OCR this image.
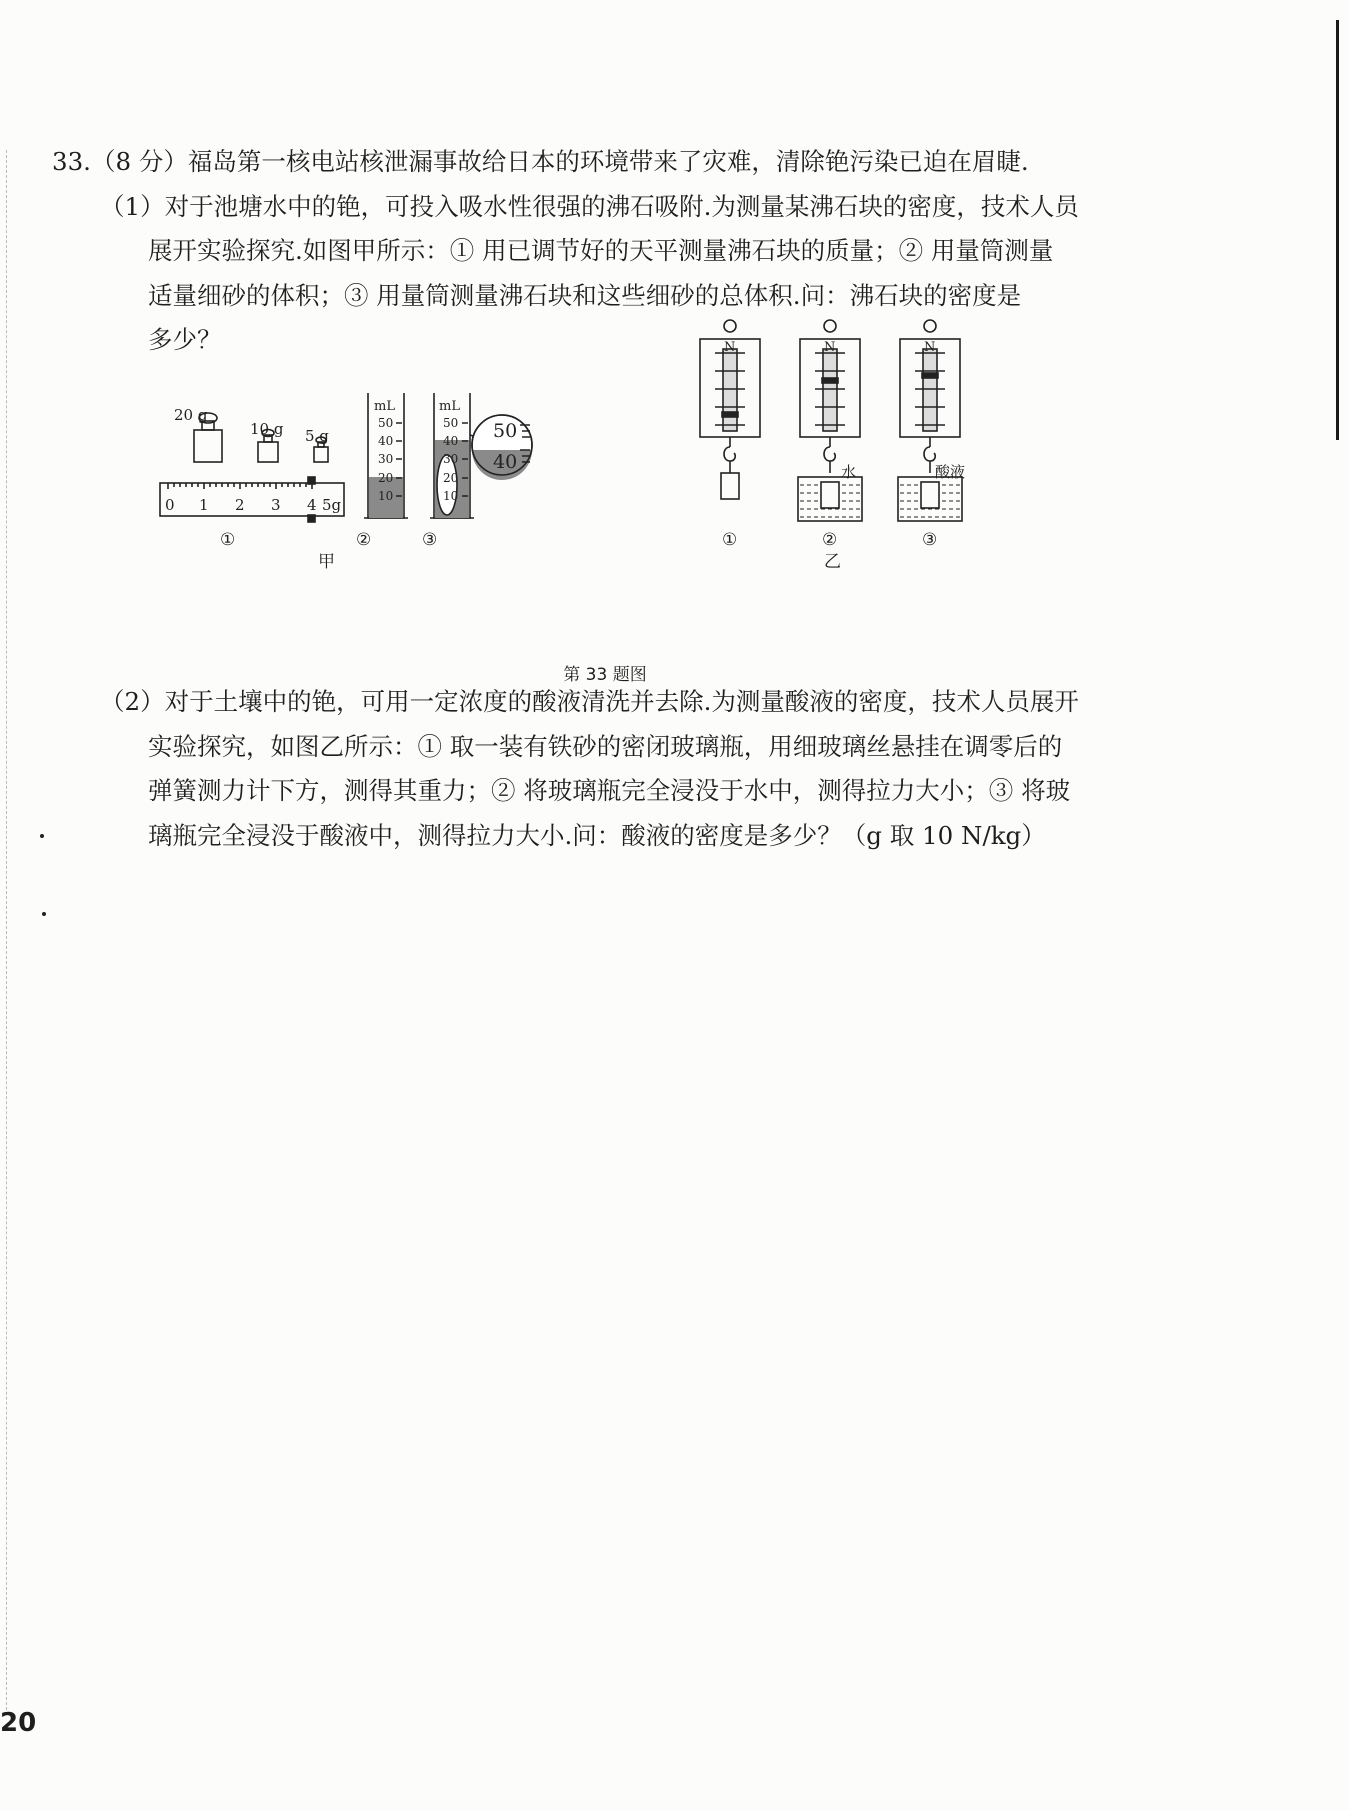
33.（8 分）福岛第一核电站核泄漏事故给日本的环境带来了灾难，清除铯污染已迫在眉睫.
（1）对于池塘水中的铯，可投入吸水性很强的沸石吸附.为测量某沸石块的密度，技术人员
展开实验探究.如图甲所示：① 用已调节好的天平测量沸石块的质量；② 用量筒测量
适量细砂的体积；③ 用量筒测量沸石块和这些细砂的总体积.问：沸石块的密度是
多少？
20 g
10 g 5 g
0 1 2 3 4 5g
mL
50
40
30
20
10
mL
50
40
30
20
10
50
40
①	②	③
甲
N	N	N
水	酸液
①	②	③
乙
第 33 题图
（2）对于土壤中的铯，可用一定浓度的酸液清洗并去除.为测量酸液的密度，技术人员展开
实验探究，如图乙所示：① 取一装有铁砂的密闭玻璃瓶，用细玻璃丝悬挂在调零后的
弹簧测力计下方，测得其重力；② 将玻璃瓶完全浸没于水中，测得拉力大小；③ 将玻
璃瓶完全浸没于酸液中，测得拉力大小.问：酸液的密度是多少？（g 取 10 N/kg）
20
